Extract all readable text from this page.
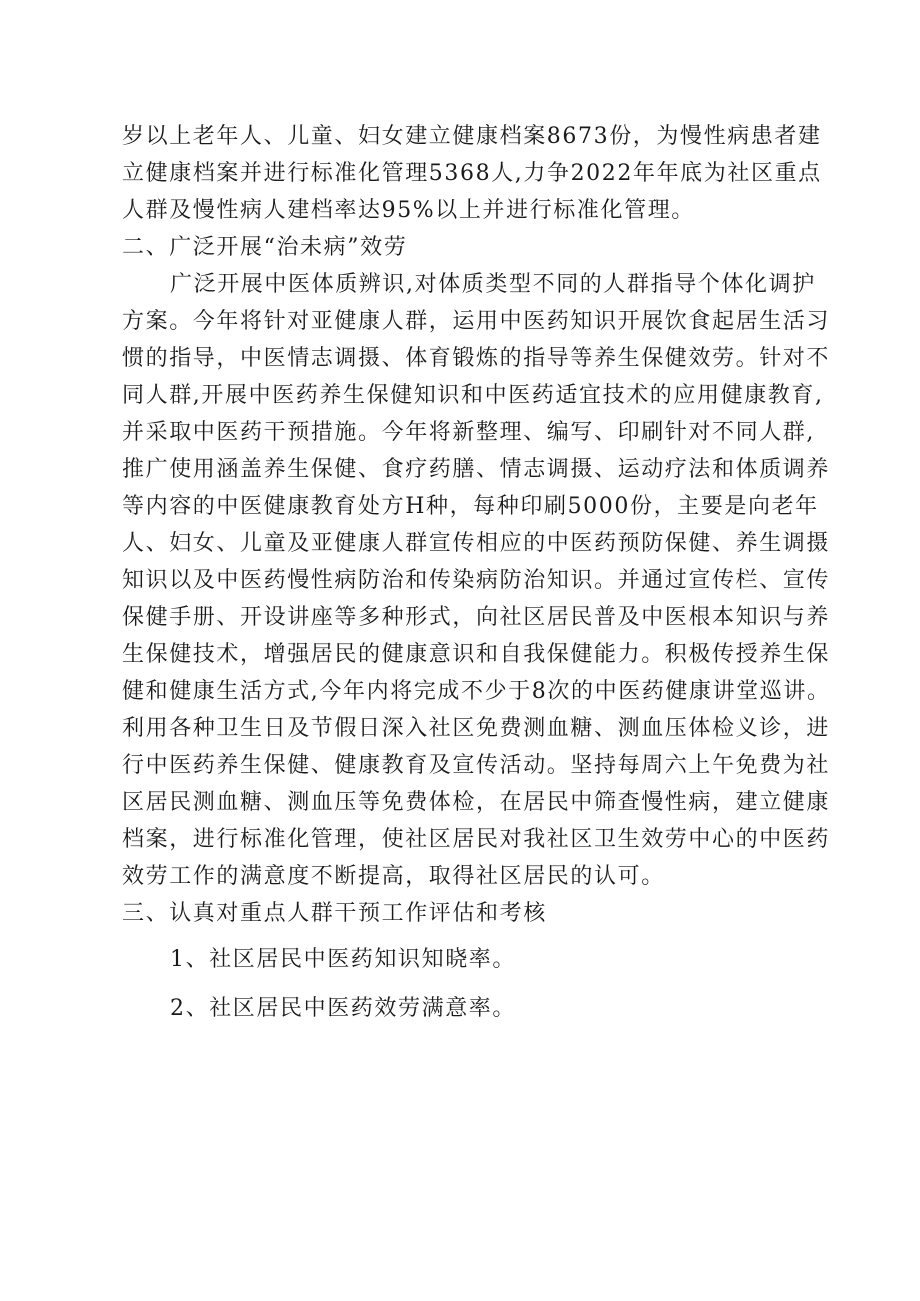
岁以上老年人、儿童、妇女建立健康档案8673份，为慢性病患者建
立健康档案并进行标准化管理5368人,力争2022年年底为社区重点
人群及慢性病人建档率达95%以上并进行标准化管理。
二、广泛开展“治未病”效劳
广泛开展中医体质辨识,对体质类型不同的人群指导个体化调护
方案。今年将针对亚健康人群，运用中医药知识开展饮食起居生活习
惯的指导，中医情志调摄、体育锻炼的指导等养生保健效劳。针对不
同人群,开展中医药养生保健知识和中医药适宜技术的应用健康教育,
并采取中医药干预措施。今年将新整理、编写、印刷针对不同人群,
推广使用涵盖养生保健、食疗药膳、情志调摄、运动疗法和体质调养
等内容的中医健康教育处方H种，每种印刷5000份，主要是向老年
人、妇女、儿童及亚健康人群宣传相应的中医药预防保健、养生调摄
知识以及中医药慢性病防治和传染病防治知识。并通过宣传栏、宣传
保健手册、开设讲座等多种形式，向社区居民普及中医根本知识与养
生保健技术，增强居民的健康意识和自我保健能力。积极传授养生保
健和健康生活方式,今年内将完成不少于8次的中医药健康讲堂巡讲。
利用各种卫生日及节假日深入社区免费测血糖、测血压体检义诊，进
行中医药养生保健、健康教育及宣传活动。坚持每周六上午免费为社
区居民测血糖、测血压等免费体检，在居民中筛查慢性病，建立健康
档案，进行标准化管理，使社区居民对我社区卫生效劳中心的中医药
效劳工作的满意度不断提高，取得社区居民的认可。
三、认真对重点人群干预工作评估和考核
1、社区居民中医药知识知晓率。
2、社区居民中医药效劳满意率。
